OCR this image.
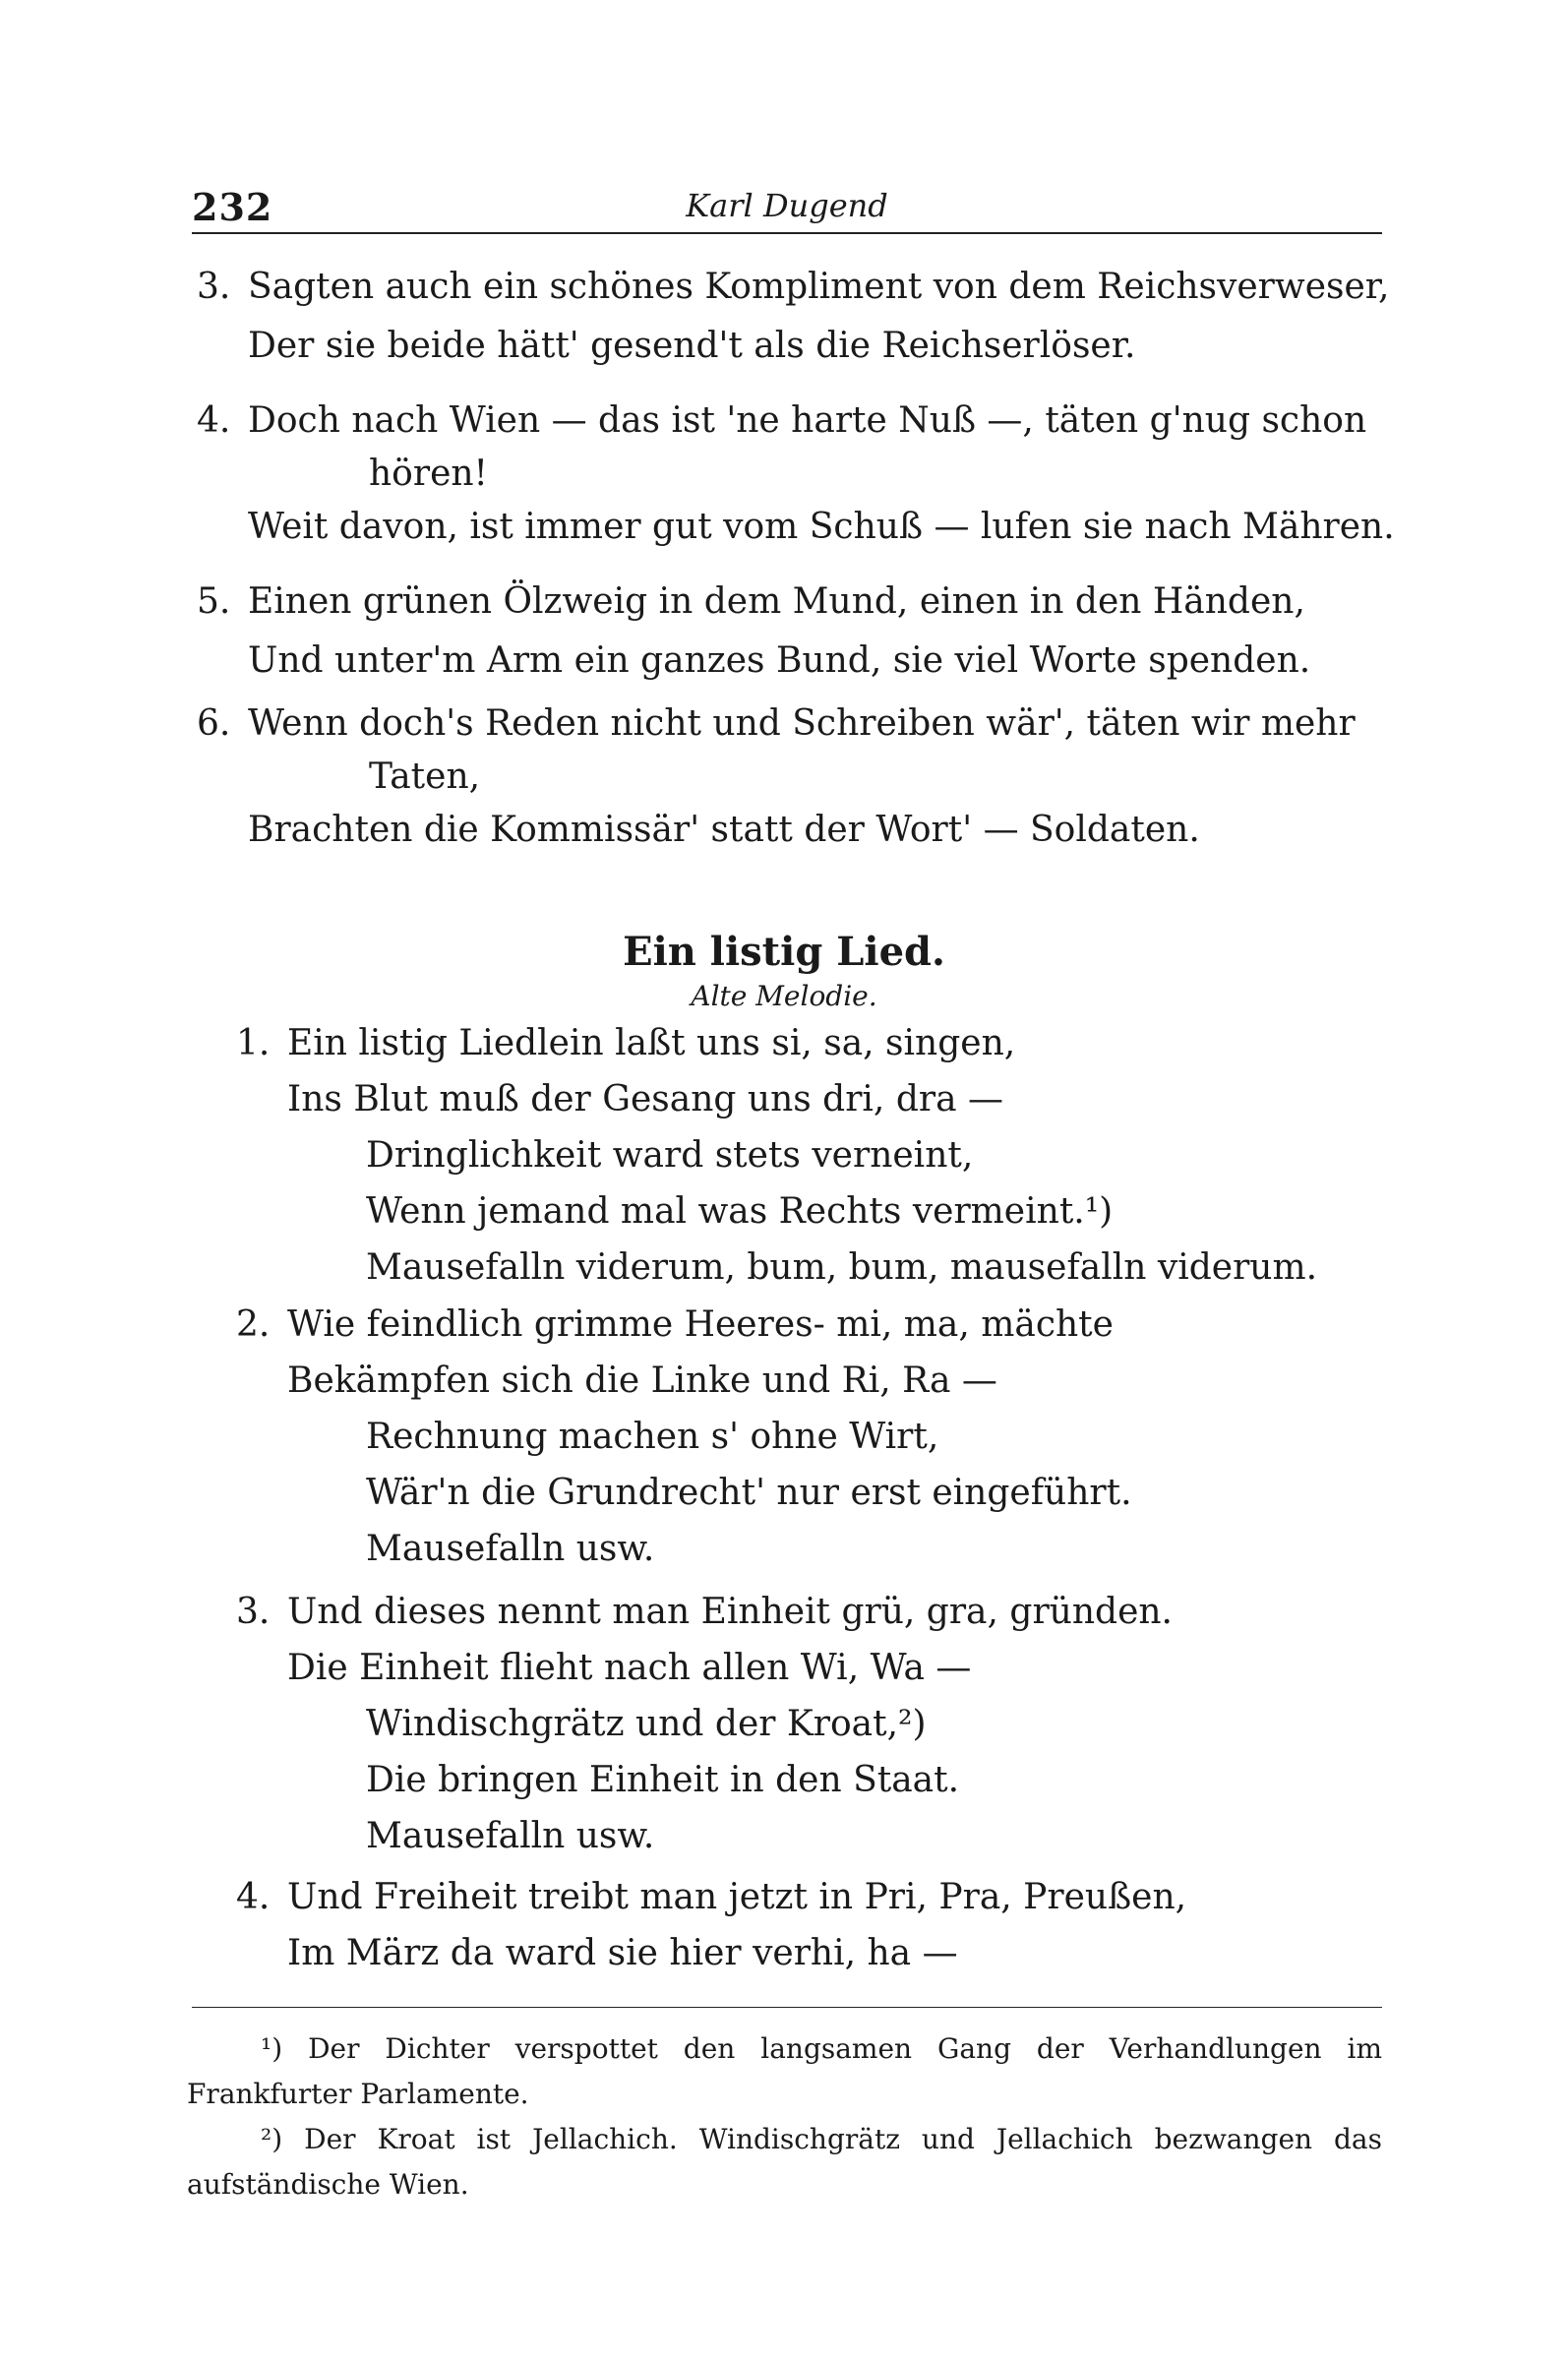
232	Karl Dugend
3. Sagten auch ein schönes Kompliment von dem Reichsverweser,
Der sie beide hätt' gesend't als die Reichserlöser.
4. Doch nach Wien — das ist 'ne harte Nuß —, täten g'nug schon
hören!
Weit davon, ist immer gut vom Schuß — lufen sie nach Mähren.
5. Einen grünen Ölzweig in dem Mund, einen in den Händen,
Und unter'm Arm ein ganzes Bund, sie viel Worte spenden.
6. Wenn doch's Reden nicht und Schreiben wär', täten wir mehr
Taten,
Brachten die Kommissär' statt der Wort' — Soldaten.
Ein listig Lied.
Alte Melodie.
1. Ein listig Liedlein laßt uns si, sa, singen,
Ins Blut muß der Gesang uns dri, dra —
Dringlichkeit ward stets verneint,
Wenn jemand mal was Rechts vermeint.¹)
Mausefalln viderum, bum, bum, mausefalln viderum.
2. Wie feindlich grimme Heeres- mi, ma, mächte
Bekämpfen sich die Linke und Ri, Ra —
Rechnung machen s' ohne Wirt,
Wär'n die Grundrecht' nur erst eingeführt.
Mausefalln usw.
3. Und dieses nennt man Einheit grü, gra, gründen.
Die Einheit flieht nach allen Wi, Wa —
Windischgrätz und der Kroat,²)
Die bringen Einheit in den Staat.
Mausefalln usw.
4. Und Freiheit treibt man jetzt in Pri, Pra, Preußen,
Im März da ward sie hier verhi, ha —

¹) Der Dichter verspottet den langsamen Gang der Verhandlungen im Frankfurter Parlamente.

²) Der Kroat ist Jellachich. Windischgrätz und Jellachich bezwangen das aufständische Wien.
